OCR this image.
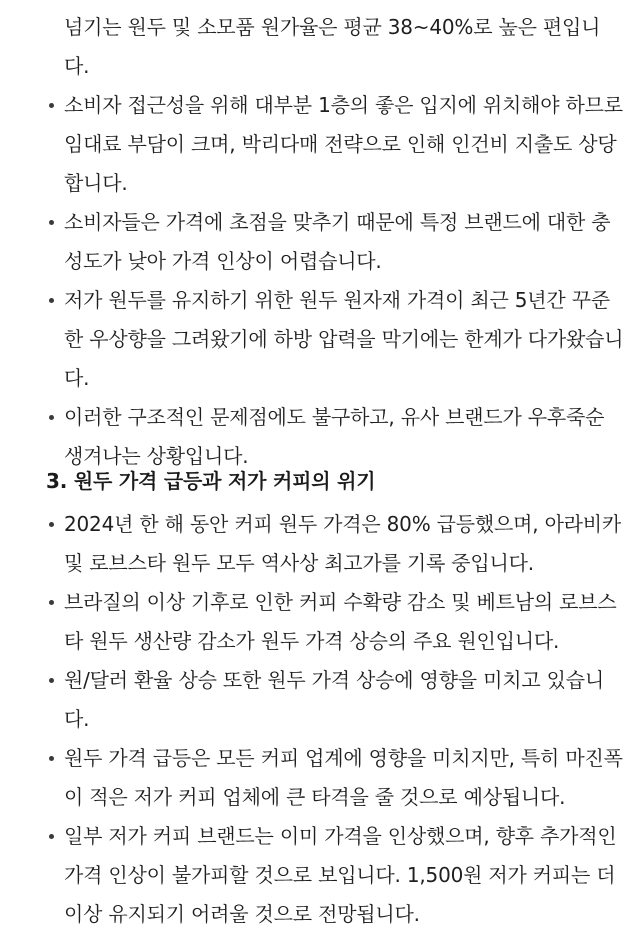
넘기는 원두 및 소모품 원가율은 평균 38~40%로 높은 편입니다.
소비자 접근성을 위해 대부분 1층의 좋은 입지에 위치해야 하므로 임대료 부담이 크며, 박리다매 전략으로 인해 인건비 지출도 상당합니다.
소비자들은 가격에 초점을 맞추기 때문에 특정 브랜드에 대한 충성도가 낮아 가격 인상이 어렵습니다.
저가 원두를 유지하기 위한 원두 원자재 가격이 최근 5년간 꾸준한 우상향을 그려왔기에 하방 압력을 막기에는 한계가 다가왔습니다.
이러한 구조적인 문제점에도 불구하고, 유사 브랜드가 우후죽순 생겨나는 상황입니다.
3. 원두 가격 급등과 저가 커피의 위기
2024년 한 해 동안 커피 원두 가격은 80% 급등했으며, 아라비카 및 로브스타 원두 모두 역사상 최고가를 기록 중입니다.
브라질의 이상 기후로 인한 커피 수확량 감소 및 베트남의 로브스타 원두 생산량 감소가 원두 가격 상승의 주요 원인입니다.
원/달러 환율 상승 또한 원두 가격 상승에 영향을 미치고 있습니다.
원두 가격 급등은 모든 커피 업계에 영향을 미치지만, 특히 마진폭이 적은 저가 커피 업체에 큰 타격을 줄 것으로 예상됩니다.
일부 저가 커피 브랜드는 이미 가격을 인상했으며, 향후 추가적인 가격 인상이 불가피할 것으로 보입니다. 1,500원 저가 커피는 더 이상 유지되기 어려울 것으로 전망됩니다.
